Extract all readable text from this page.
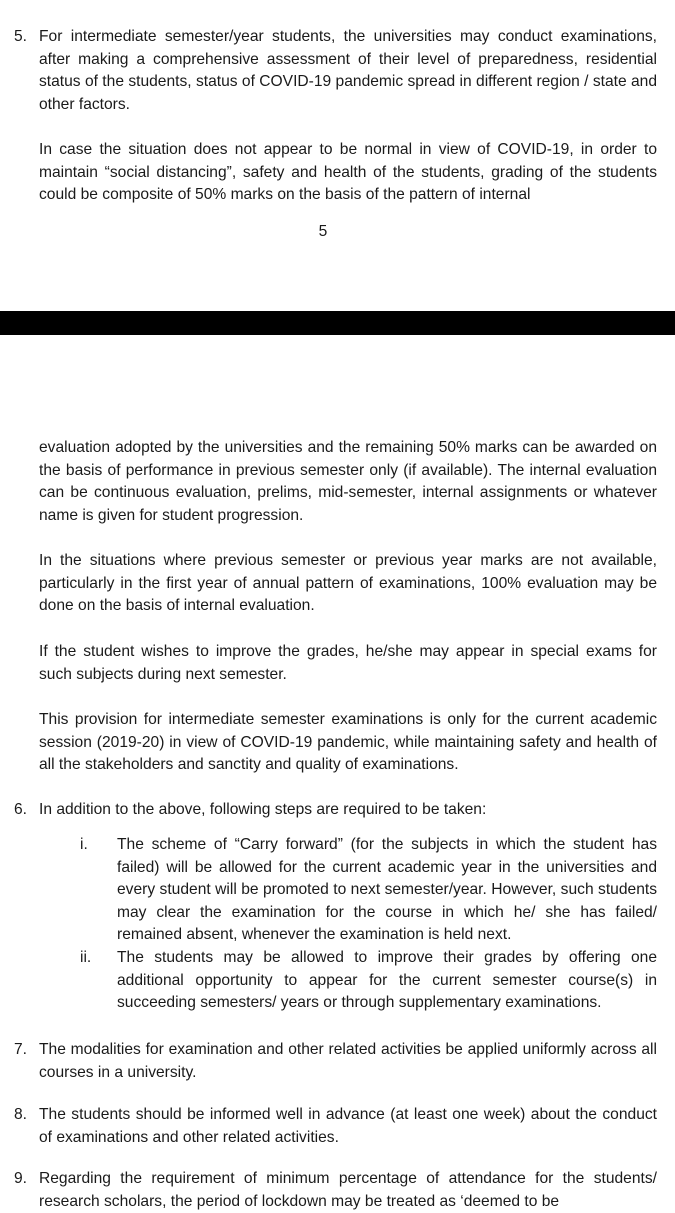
5. For intermediate semester/year students, the universities may conduct examinations, after making a comprehensive assessment of their level of preparedness, residential status of the students, status of COVID-19 pandemic spread in different region / state and other factors.

In case the situation does not appear to be normal in view of COVID-19, in order to maintain “social distancing”, safety and health of the students, grading of the students could be composite of 50% marks on the basis of the pattern of internal

5

evaluation adopted by the universities and the remaining 50% marks can be awarded on the basis of performance in previous semester only (if available). The internal evaluation can be continuous evaluation, prelims, mid-semester, internal assignments or whatever name is given for student progression.

In the situations where previous semester or previous year marks are not available, particularly in the first year of annual pattern of examinations, 100% evaluation may be done on the basis of internal evaluation.

If the student wishes to improve the grades, he/she may appear in special exams for such subjects during next semester.

This provision for intermediate semester examinations is only for the current academic session (2019-20) in view of COVID-19 pandemic, while maintaining safety and health of all the stakeholders and sanctity and quality of examinations.

6. In addition to the above, following steps are required to be taken:

i. The scheme of “Carry forward” (for the subjects in which the student has failed) will be allowed for the current academic year in the universities and every student will be promoted to next semester/year. However, such students may clear the examination for the course in which he/ she has failed/ remained absent, whenever the examination is held next.

ii. The students may be allowed to improve their grades by offering one additional opportunity to appear for the current semester course(s) in succeeding semesters/ years or through supplementary examinations.

7. The modalities for examination and other related activities be applied uniformly across all courses in a university.

8. The students should be informed well in advance (at least one week) about the conduct of examinations and other related activities.

9. Regarding the requirement of minimum percentage of attendance for the students/ research scholars, the period of lockdown may be treated as ‘deemed to be
